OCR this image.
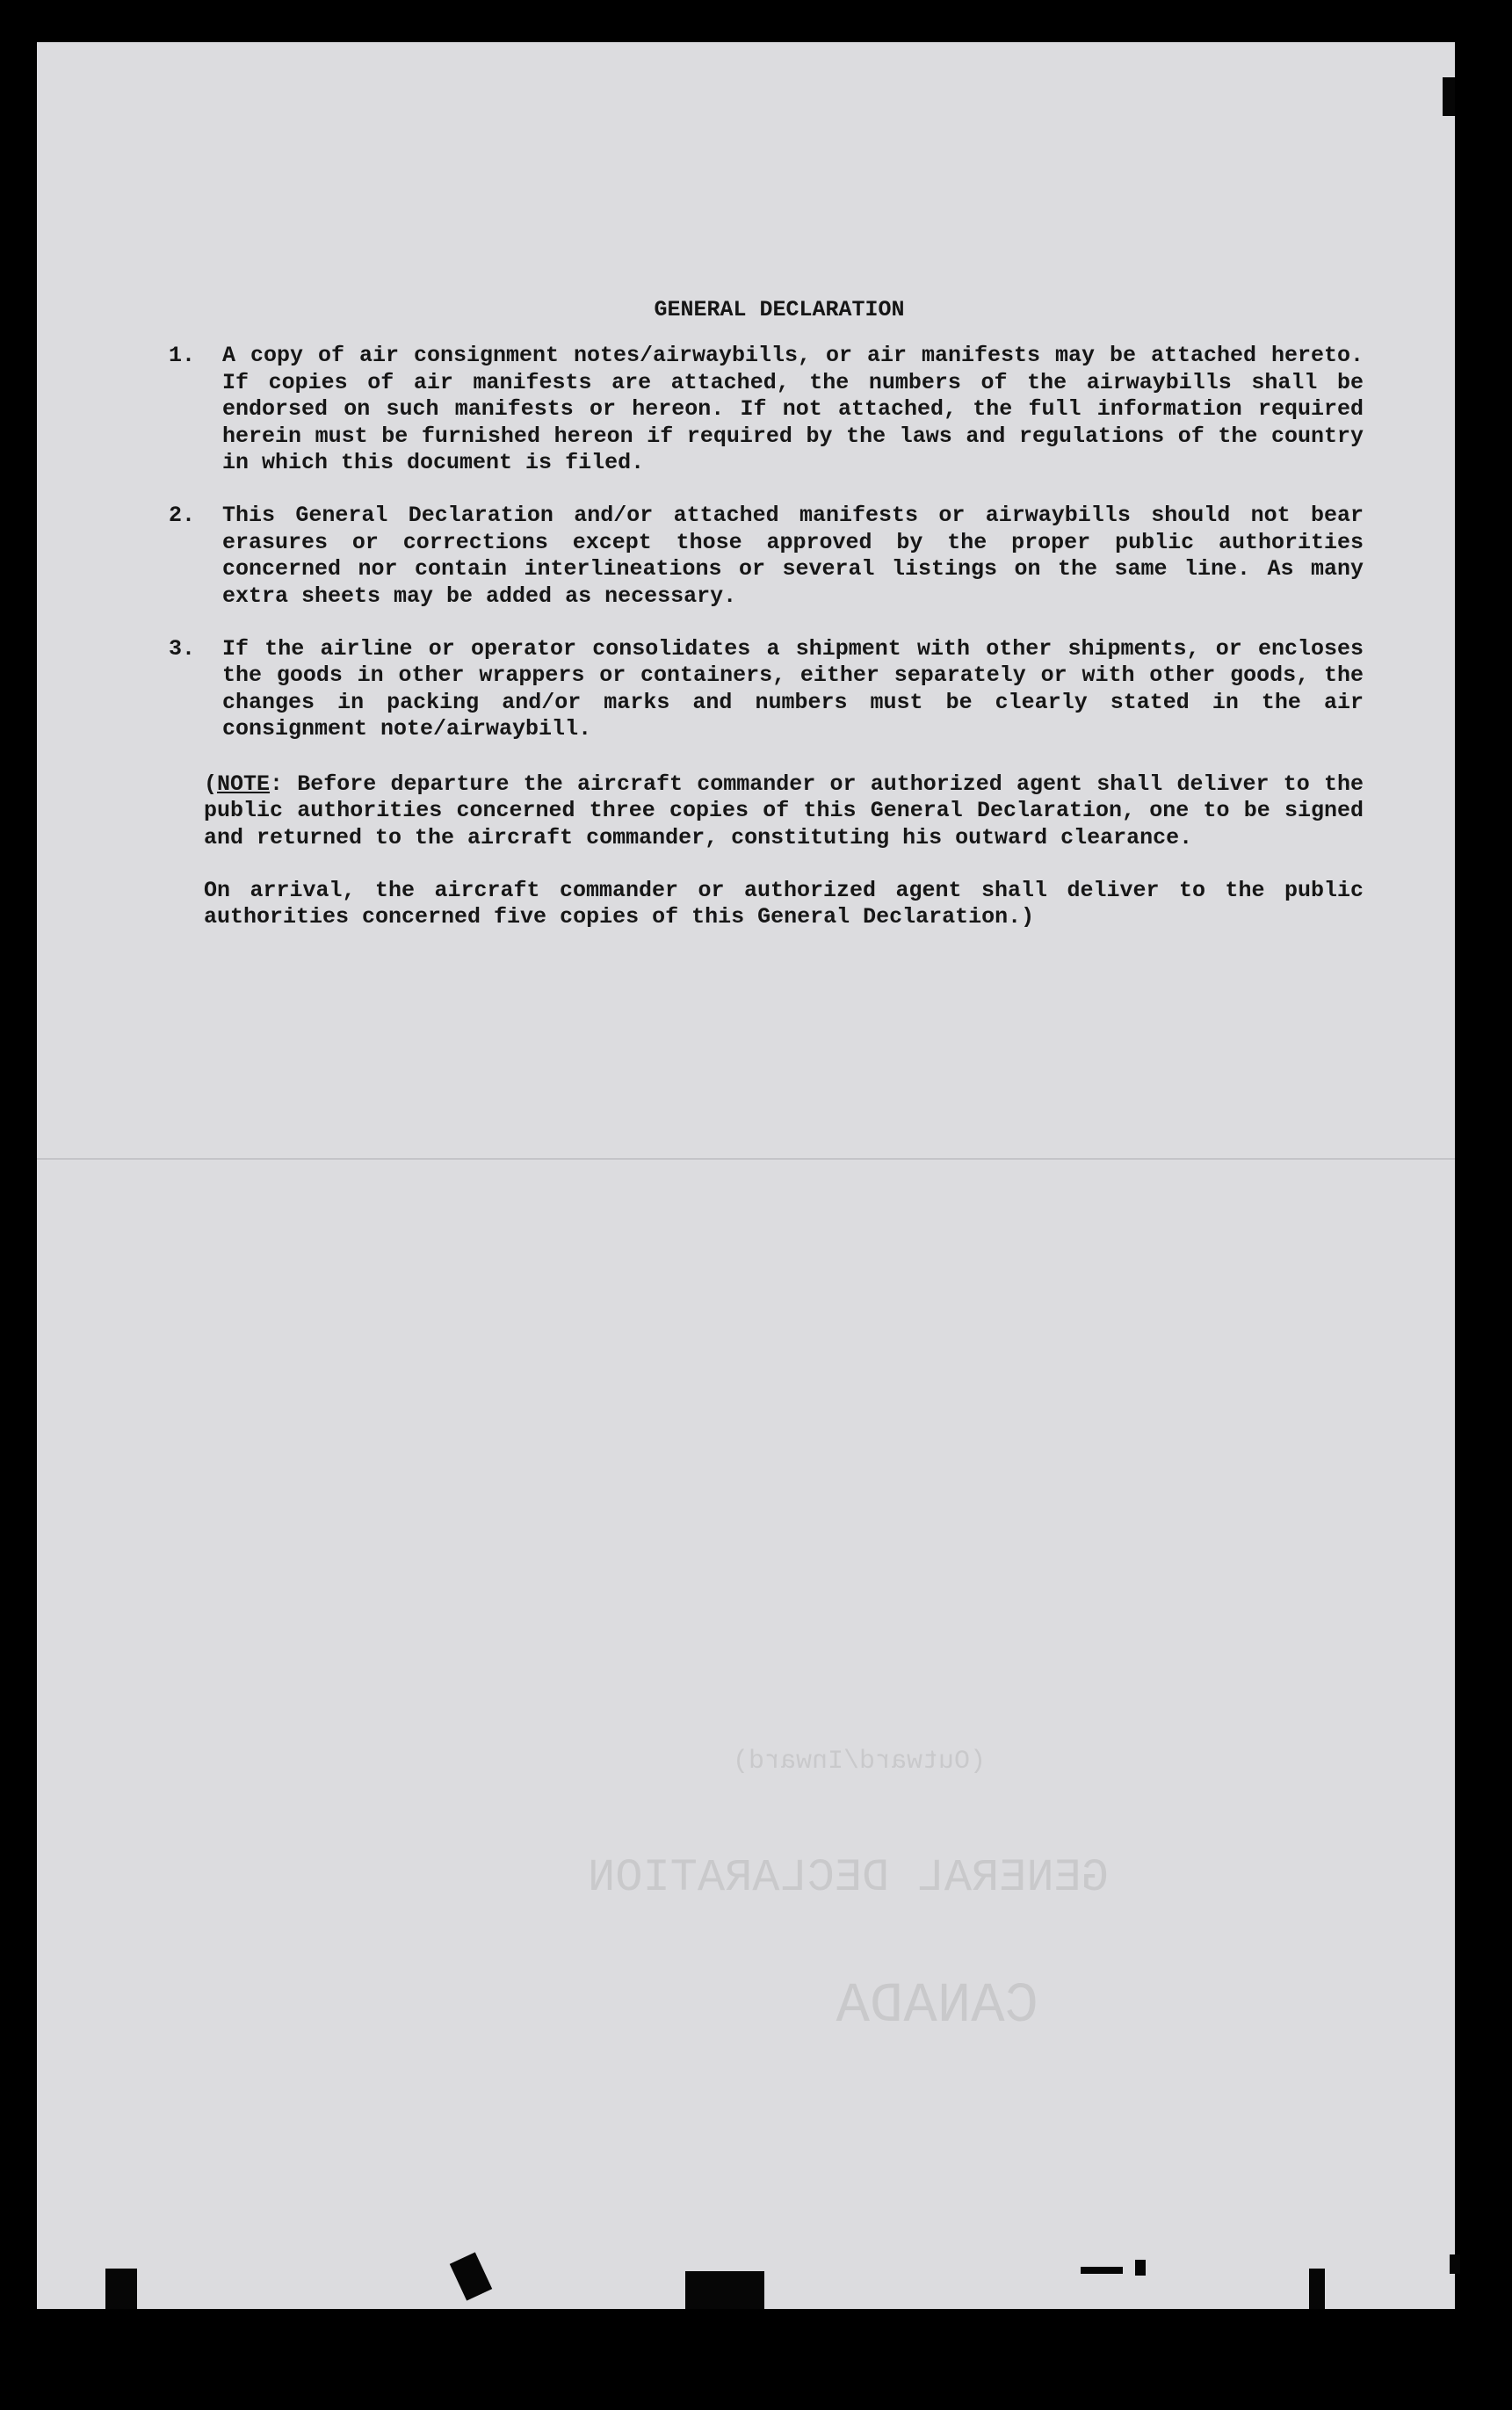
CANADA
GENERAL DECLARATION
(Outward/Inward)
GENERAL DECLARATION
1. A copy of air consignment notes/airwaybills, or air manifests may be attached hereto. If copies of air manifests are attached, the numbers of the airwaybills shall be endorsed on such manifests or hereon. If not attached, the full information required herein must be furnished hereon if required by the laws and regulations of the country in which this document is filed.

2. This General Declaration and/or attached manifests or airwaybills should not bear erasures or corrections except those approved by the proper public authorities concerned nor contain interlineations or several listings on the same line. As many extra sheets may be added as necessary.

3. If the airline or operator consolidates a shipment with other shipments, or encloses the goods in other wrappers or containers, either separately or with other goods, the changes in packing and/or marks and numbers must be clearly stated in the air consignment note/airwaybill.

(NOTE: Before departure the aircraft commander or authorized agent shall deliver to the public authorities concerned three copies of this General Declaration, one to be signed and returned to the aircraft commander, constituting his outward clearance.

On arrival, the aircraft commander or authorized agent shall deliver to the public authorities concerned five copies of this General Declaration.)
